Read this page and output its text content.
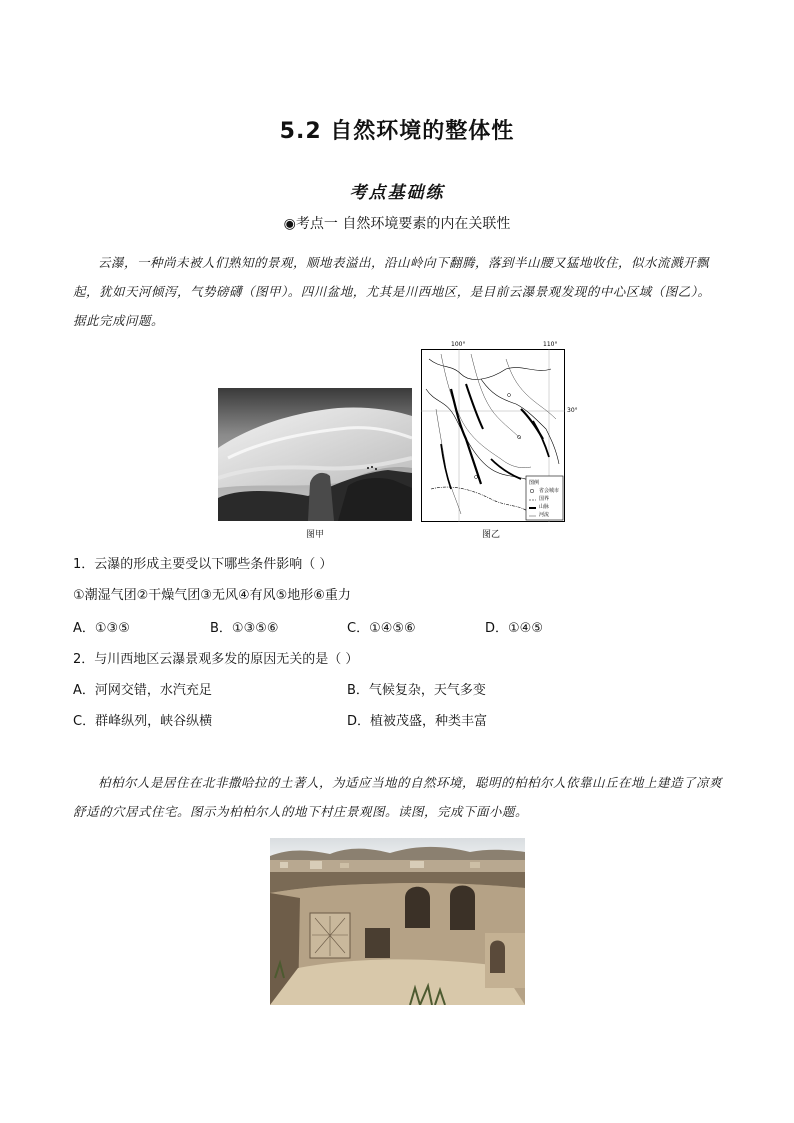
5.2 自然环境的整体性
考点基础练
◉考点一 自然环境要素的内在关联性
云瀑，一种尚未被人们熟知的景观，顺地表溢出，沿山岭向下翻腾，落到半山腰又猛地收住，似水流溅开飘起，犹如天河倾泻，气势磅礴（图甲）。四川盆地，尤其是川西地区，是目前云瀑景观发现的中心区域（图乙）。据此完成问题。
图甲
100°	110°
30°
图例
省会城市
国界
山脉
河流
图乙
1．云瀑的形成主要受以下哪些条件影响（ ）
①潮湿气团②干燥气团③无风④有风⑤地形⑥重力
A．①③⑤	B．①③⑤⑥	C．①④⑤⑥	D．①④⑤
2．与川西地区云瀑景观多发的原因无关的是（ ）
A．河网交错，水汽充足	B．气候复杂，天气多变
C．群峰纵列，峡谷纵横	D．植被茂盛，种类丰富
柏柏尔人是居住在北非撒哈拉的土著人，为适应当地的自然环境，聪明的柏柏尔人依靠山丘在地上建造了凉爽舒适的穴居式住宅。图示为柏柏尔人的地下村庄景观图。读图，完成下面小题。
